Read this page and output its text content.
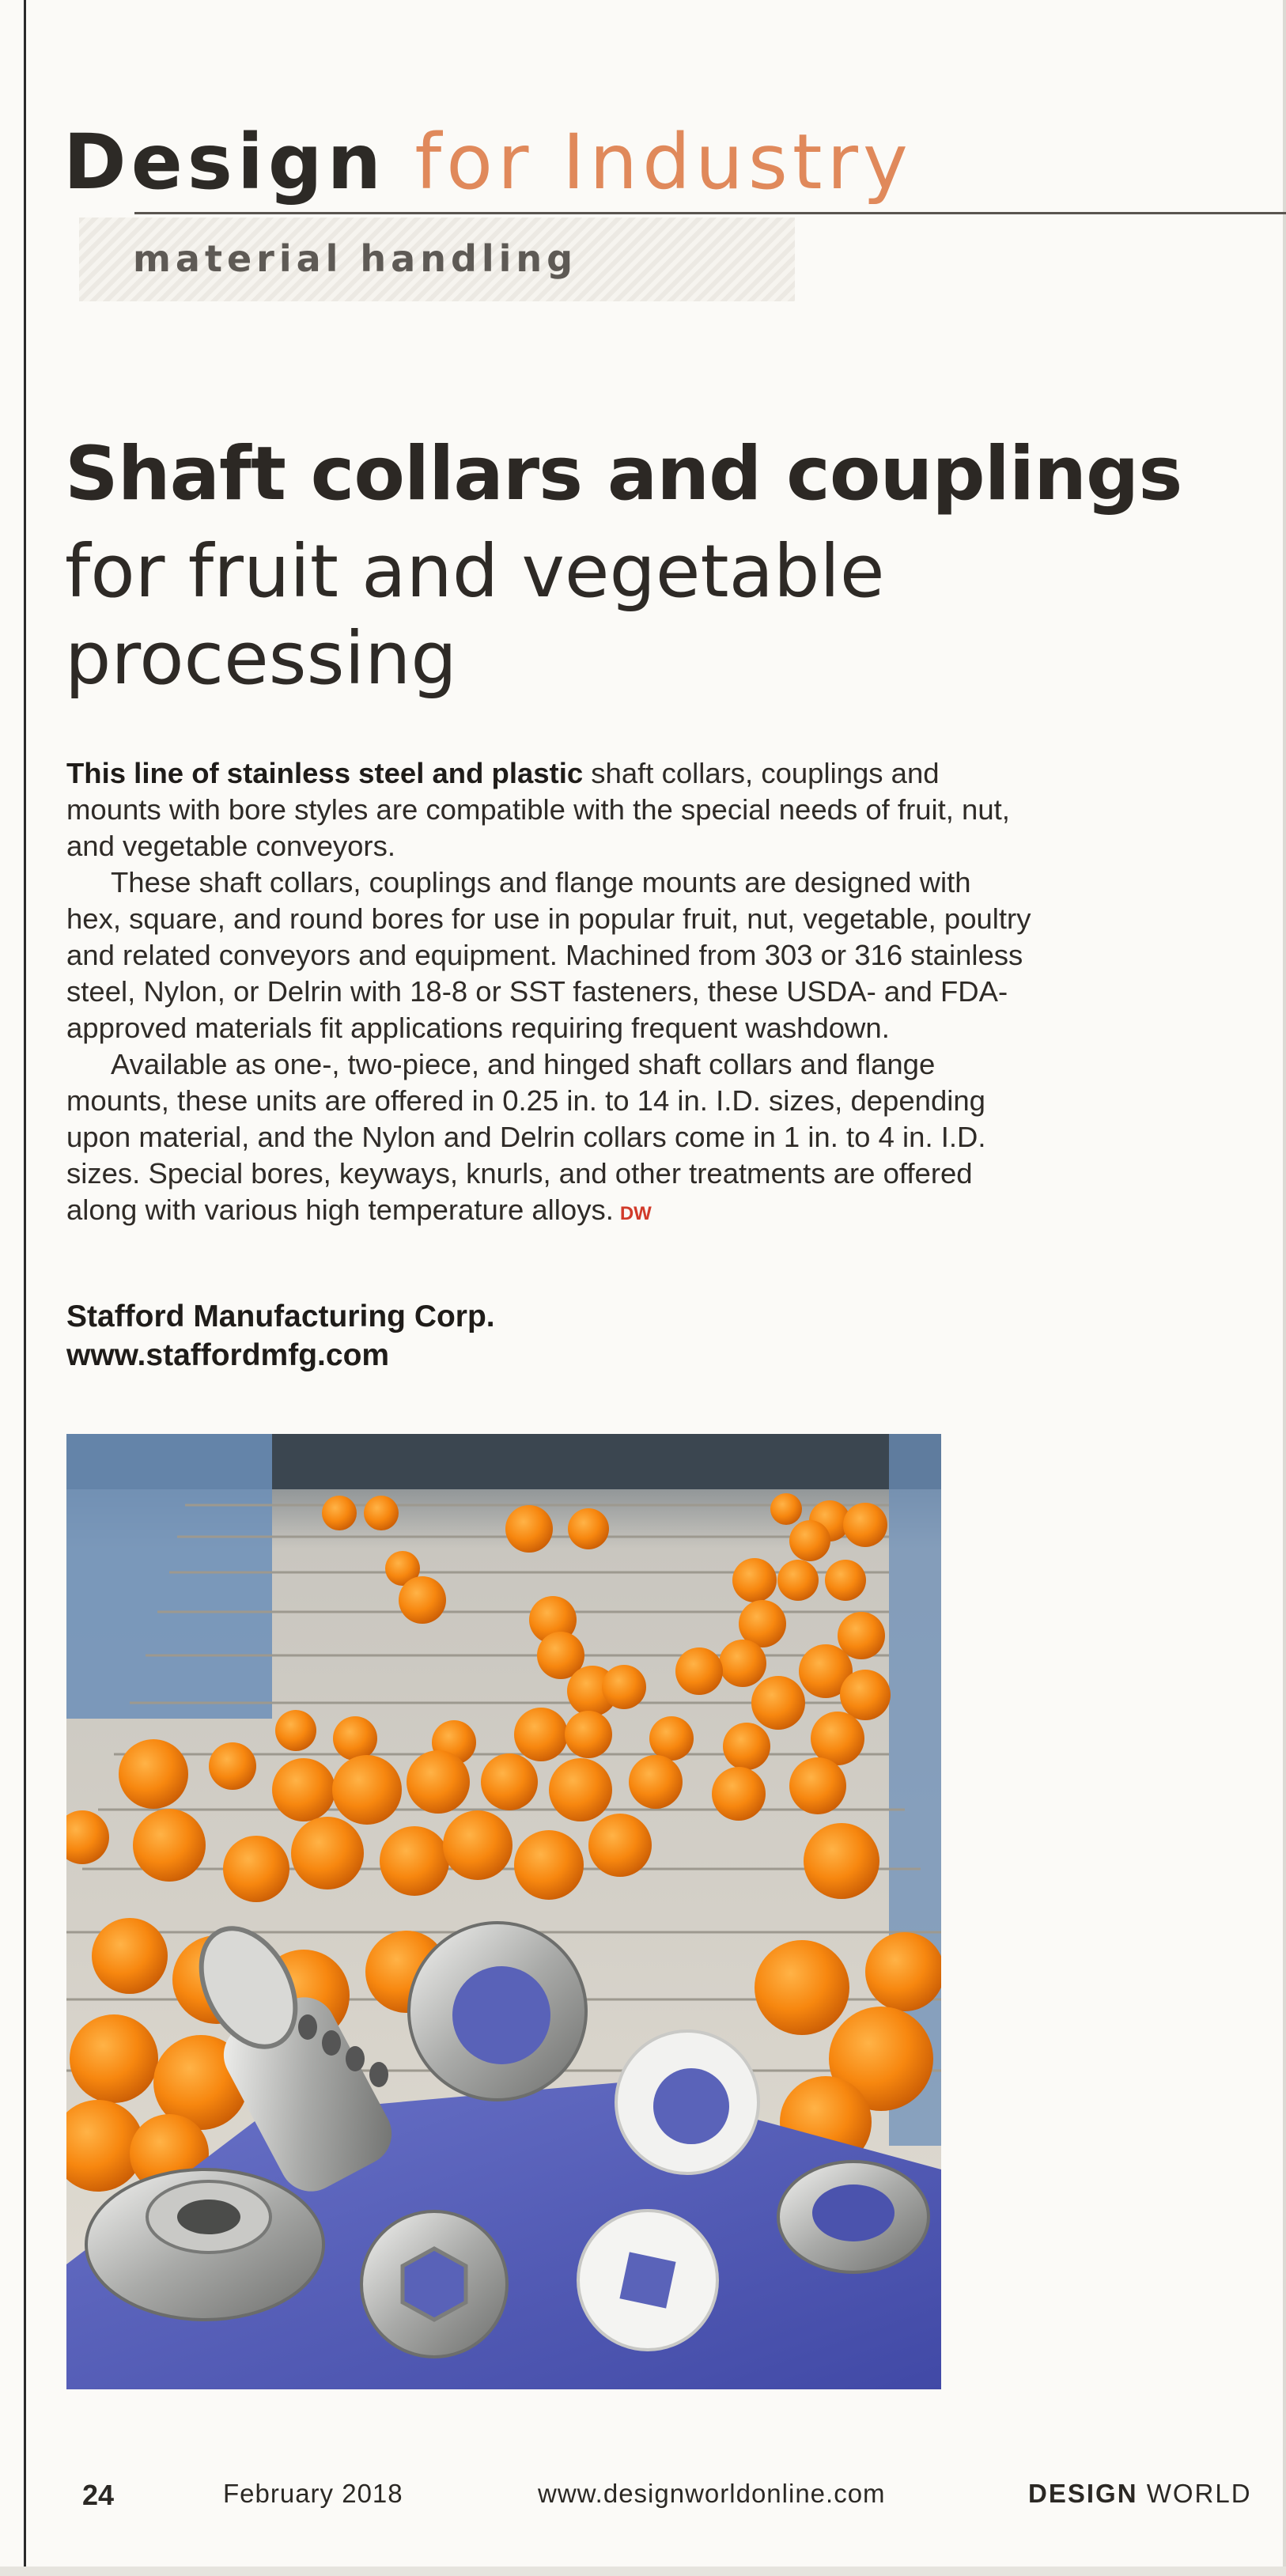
Design for Industry
material handling
Shaft collars and couplings
for fruit and vegetable processing

This line of stainless steel and plastic shaft collars, couplings and mounts with bore styles are compatible with the special needs of fruit, nut, and vegetable conveyors.

These shaft collars, couplings and flange mounts are designed with hex, square, and round bores for use in popular fruit, nut, vegetable, poultry and related conveyors and equipment. Machined from 303 or 316 stainless steel, Nylon, or Delrin with 18-8 or SST fasteners, these USDA- and FDA-approved materials fit applications requiring frequent washdown.

Available as one-, two-piece, and hinged shaft collars and flange mounts, these units are offered in 0.25 in. to 14 in. I.D. sizes, depending upon material, and the Nylon and Delrin collars come in 1 in. to 4 in. I.D. sizes. Special bores, keyways, knurls, and other treatments are offered along with various high temperature alloys. DW

Stafford Manufacturing Corp.
www.staffordmfg.com
24	February 2018	www.designworldonline.com	DESIGN WORLD
